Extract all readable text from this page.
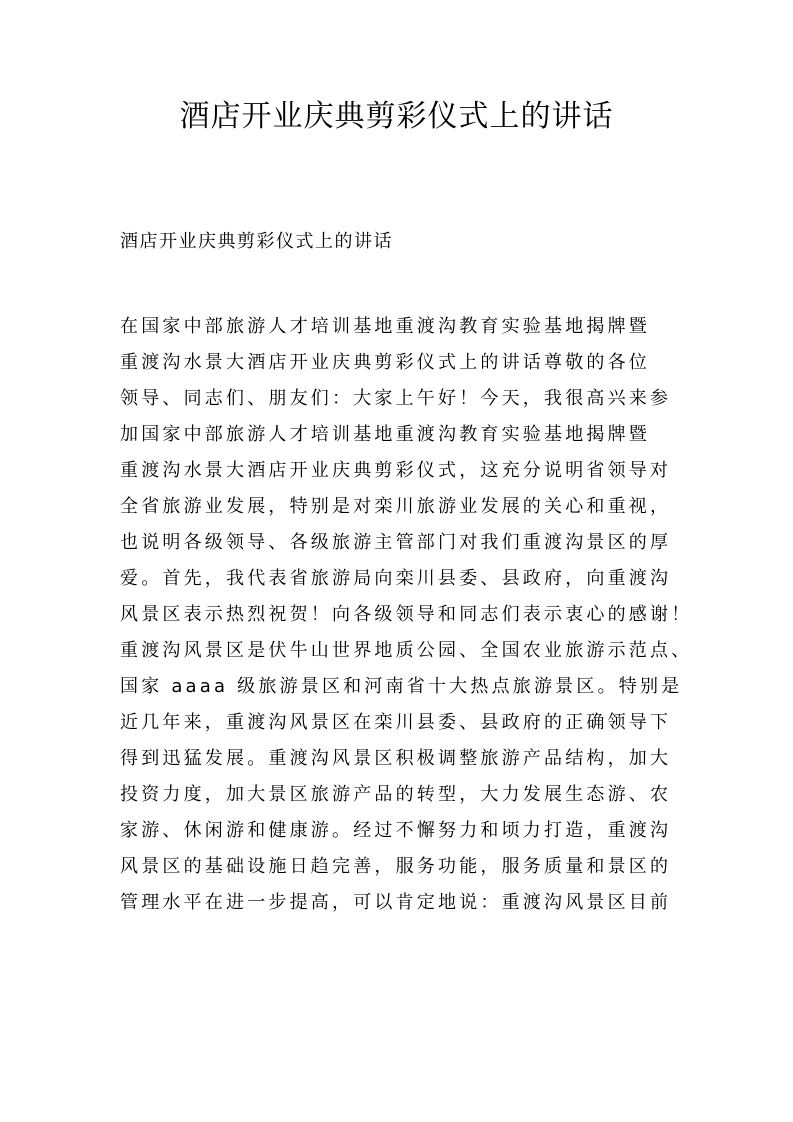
酒店开业庆典剪彩仪式上的讲话

酒店开业庆典剪彩仪式上的讲话

在国家中部旅游人才培训基地重渡沟教育实验基地揭牌暨
重渡沟水景大酒店开业庆典剪彩仪式上的讲话尊敬的各位
领导、同志们、朋友们：大家上午好！今天，我很高兴来参
加国家中部旅游人才培训基地重渡沟教育实验基地揭牌暨
重渡沟水景大酒店开业庆典剪彩仪式，这充分说明省领导对
全省旅游业发展，特别是对栾川旅游业发展的关心和重视，
也说明各级领导、各级旅游主管部门对我们重渡沟景区的厚
爱。首先，我代表省旅游局向栾川县委、县政府，向重渡沟
风景区表示热烈祝贺！向各级领导和同志们表示衷心的感谢！
重渡沟风景区是伏牛山世界地质公园、全国农业旅游示范点、
国家 aaaa 级旅游景区和河南省十大热点旅游景区。特别是
近几年来，重渡沟风景区在栾川县委、县政府的正确领导下
得到迅猛发展。重渡沟风景区积极调整旅游产品结构，加大
投资力度，加大景区旅游产品的转型，大力发展生态游、农
家游、休闲游和健康游。经过不懈努力和顷力打造，重渡沟
风景区的基础设施日趋完善，服务功能，服务质量和景区的
管理水平在进一步提高，可以肯定地说：重渡沟风景区目前
